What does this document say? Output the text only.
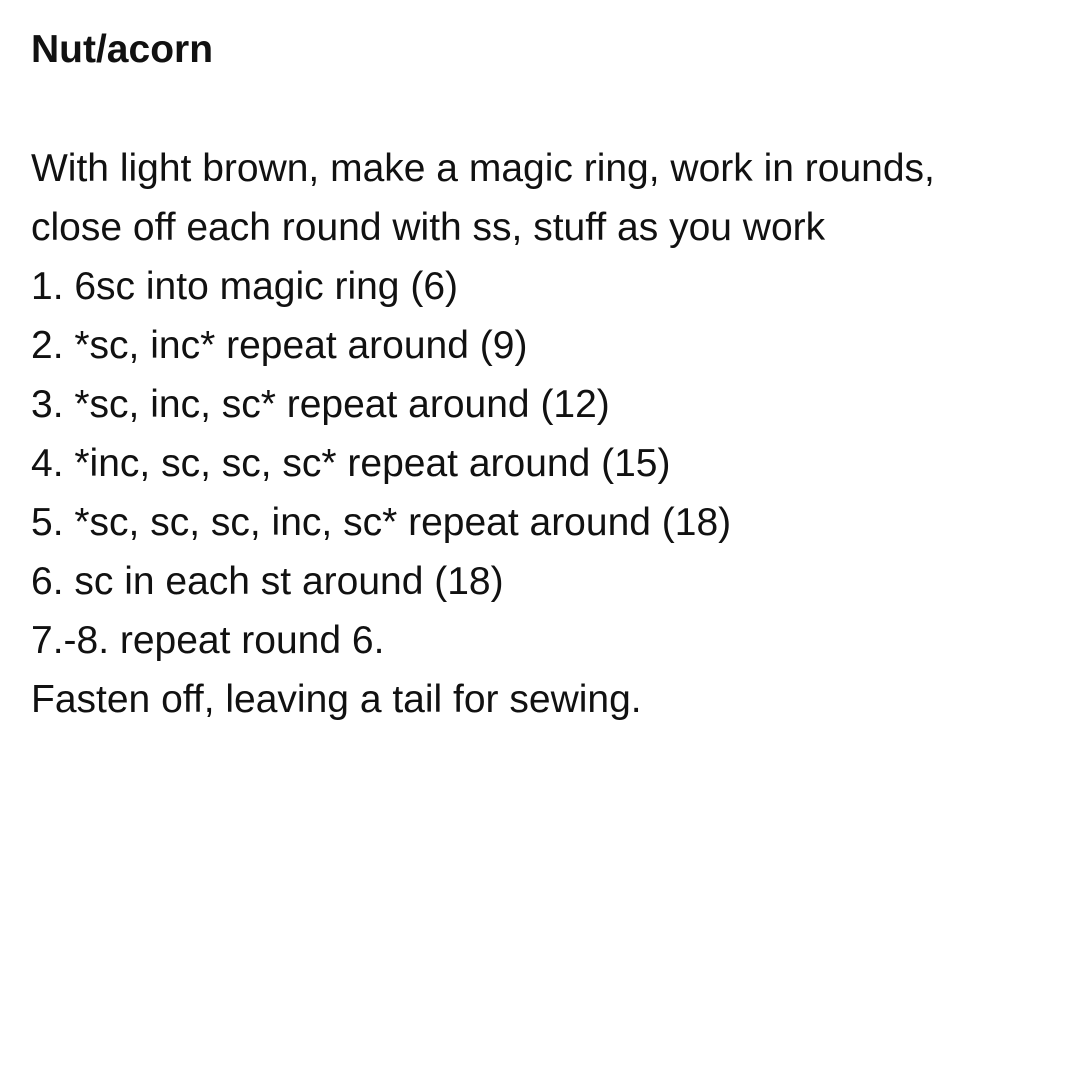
Nut/acorn
With light brown, make a magic ring, work in rounds,
close off each round with ss, stuff as you work
1. 6sc into magic ring (6)
2. *sc, inc* repeat around (9)
3. *sc, inc, sc* repeat around (12)
4. *inc, sc, sc, sc* repeat around (15)
5. *sc, sc, sc, inc, sc* repeat around (18)
6. sc in each st around (18)
7.-8. repeat round 6.
Fasten off, leaving a tail for sewing.
